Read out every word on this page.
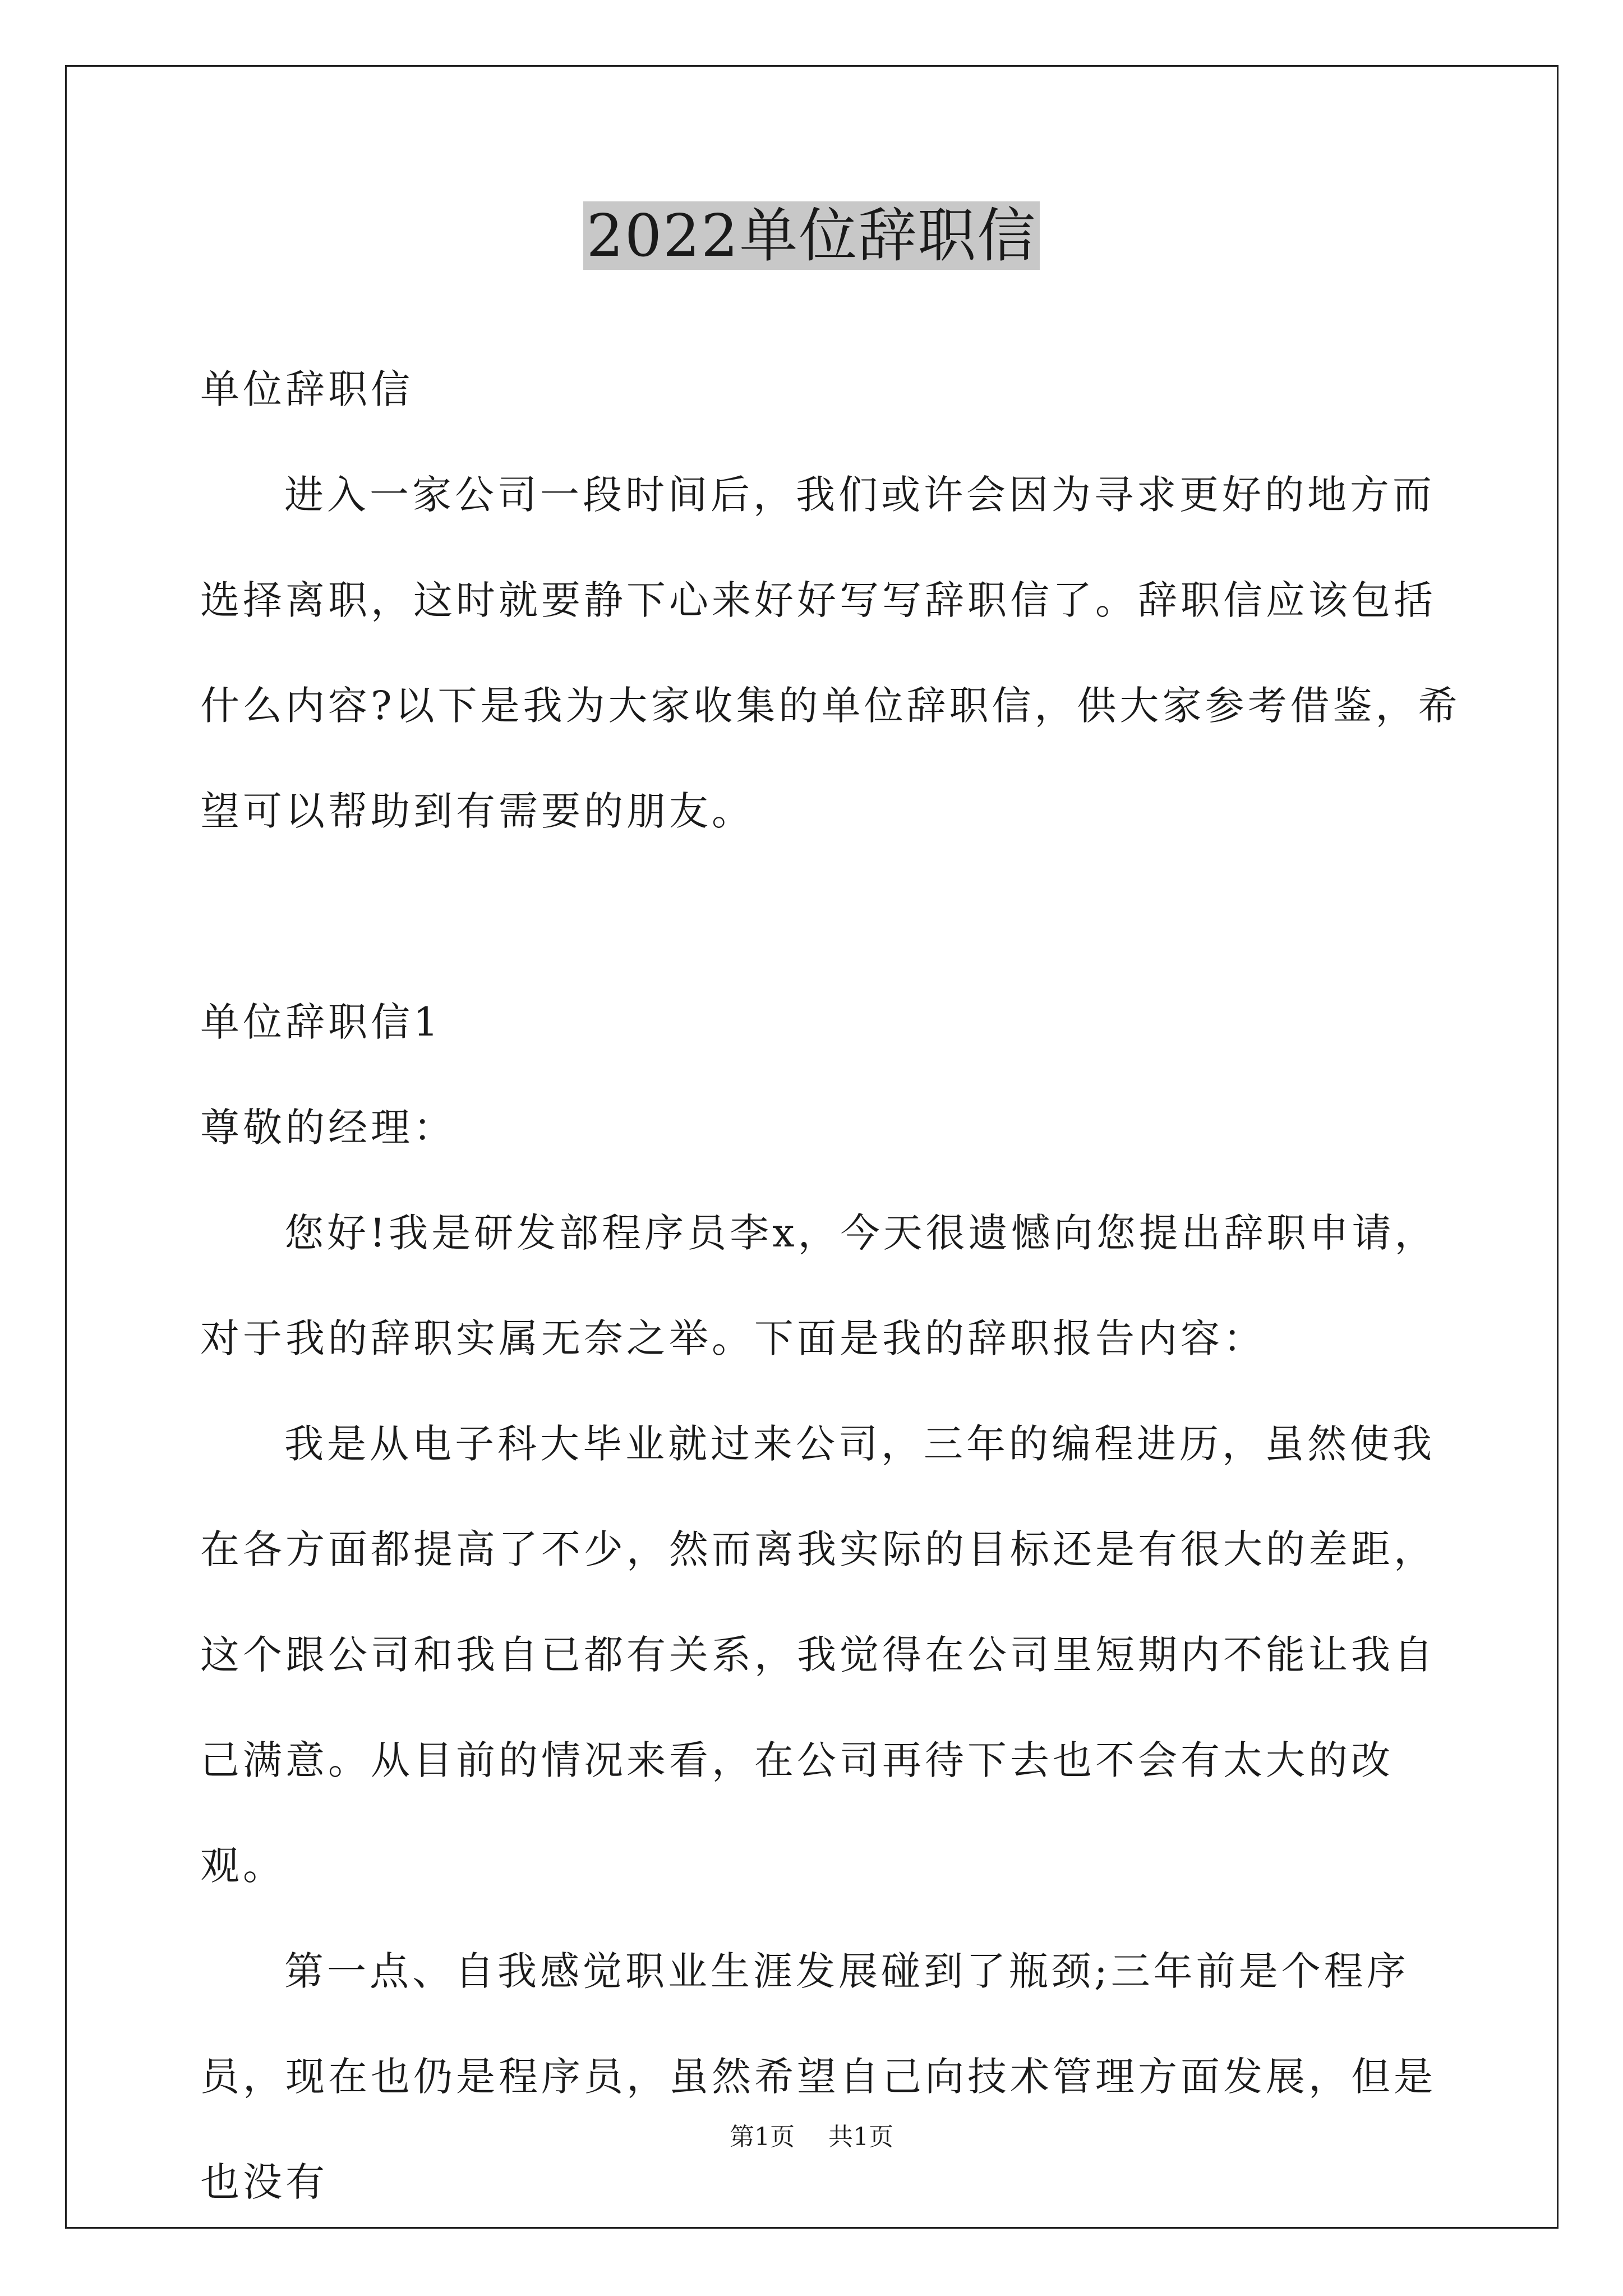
2022单位辞职信

单位辞职信

进入一家公司一段时间后，我们或许会因为寻求更好的地方而选择离职，这时就要静下心来好好写写辞职信了。辞职信应该包括什么内容?以下是我为大家收集的单位辞职信，供大家参考借鉴，希望可以帮助到有需要的朋友。

单位辞职信1

尊敬的经理：

您好!我是研发部程序员李x，今天很遗憾向您提出辞职申请，对于我的辞职实属无奈之举。下面是我的辞职报告内容：

我是从电子科大毕业就过来公司，三年的编程进历，虽然使我在各方面都提高了不少，然而离我实际的目标还是有很大的差距，这个跟公司和我自已都有关系，我觉得在公司里短期内不能让我自己满意。从目前的情况来看，在公司再待下去也不会有太大的改观。

第一点、自我感觉职业生涯发展碰到了瓶颈;三年前是个程序员，现在也仍是程序员，虽然希望自己向技术管理方面发展，但是也没有

第1页 共1页
